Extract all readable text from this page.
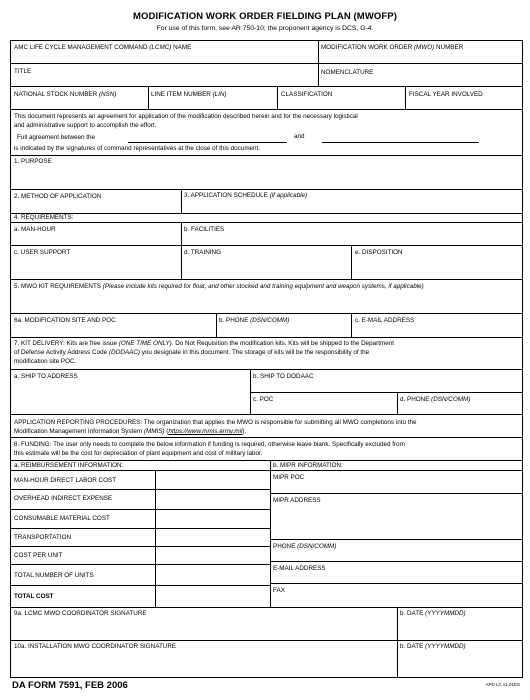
MODIFICATION WORK ORDER FIELDING PLAN (MWOFP)
For use of this form, see AR 750-10; the proponent agency is DCS, G-4.
AMC LIFE CYCLE MANAGEMENT COMMAND (LCMC) NAME	MODIFICATION WORK ORDER (MWO) NUMBER
TITLE	NOMENCLATURE
NATIONAL STOCK NUMBER (NSN)	LINE ITEM NUMBER (LIN)	CLASSIFICATION	FISCAL YEAR INVOLVED
This document represents an agreement for application of the modification described herein and for the necessary logistical
and administrative support to accomplish the effort.
Full agreement between the	and
is indicated by the signatures of command representatives at the close of this document.
1. PURPOSE
2. METHOD OF APPLICATION	3. APPLICATION SCHEDULE (if applicable)
4. REQUIREMENTS:
a. MAN-HOUR	b. FACILITIES
c. USER SUPPORT	d. TRAINING	e. DISPOSITION
5. MWO KIT REQUIREMENTS (Please include kits required for float, and other stocked and training equipment and weapon systems, if applicable)
6a. MODIFICATION SITE AND POC	b. PHONE (DSN/COMM)	c. E-MAIL ADDRESS
7. KIT DELIVERY: Kits are free issue (ONE TIME ONLY). Do Not Requisition the modification kits. Kits will be shipped to the Department
of Defense Activity Address Code (DODAAC) you designate in this document. The storage of kits will be the responsibility of the
modification site POC.
a. SHIP TO ADDRESS	b. SHIP TO DODAAC
c. POC	d. PHONE (DSN/COMM)
APPLICATION REPORTING PROCEDURES: The organization that applies the MWO is responsible for submitting all MWO completions into the
Modification Management Information System (MMIS) (https://www.mmis.army.mil).
8. FUNDING: The user only needs to complete the below information if funding is required, otherwise leave blank. Specifically excluded from
this estimate will be the cost for depreciation of plant equipment and cost of military labor.
a. REIMBURSEMENT INFORMATION:	b. MIPR INFORMATION:
MAN-HOUR DIRECT LABOR COST
OVERHEAD INDIRECT EXPENSE
CONSUMABLE MATERIAL COST
TRANSPORTATION
COST PER UNIT
TOTAL NUMBER OF UNITS
TOTAL COST
MIPR POC
MIPR ADDRESS
PHONE (DSN/COMM)
E-MAIL ADDRESS
FAX
9a. LCMC MWO COORDINATOR SIGNATURE	b. DATE (YYYYMMDD)
10a. INSTALLATION MWO COORDINATOR SIGNATURE	b. DATE (YYYYMMDD)
DA FORM 7591, FEB 2006	APD LC v1.01ES
